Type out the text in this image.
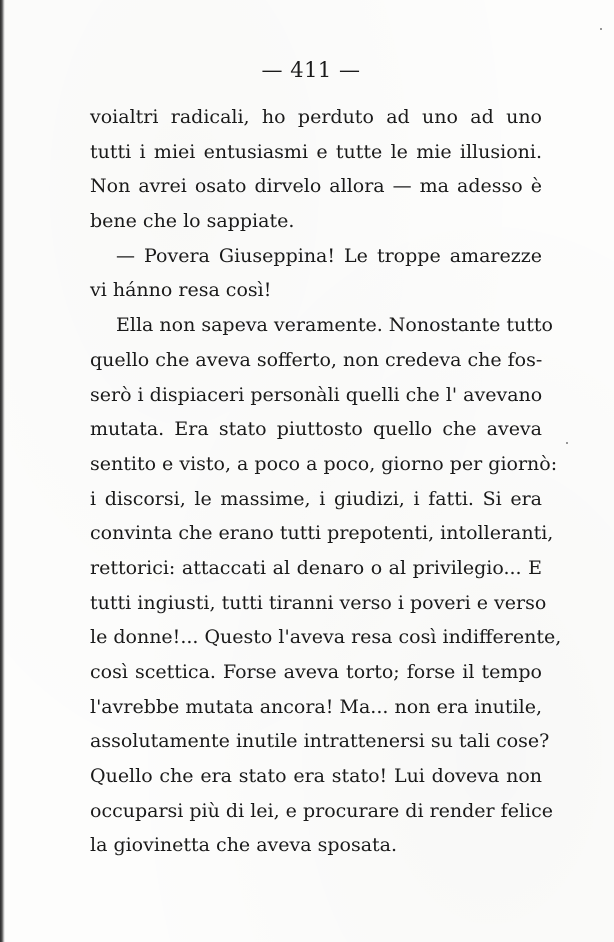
— 411 —
voialtri radicali, ho perduto ad uno ad uno
tutti i miei entusiasmi e tutte le mie illusioni.
Non avrei osato dirvelo allora — ma adesso è
bene che lo sappiate.
— Povera Giuseppina! Le troppe amarezze
vi hánno resa così!
Ella non sapeva veramente. Nonostante tutto
quello che aveva sofferto, non credeva che fos-
serò i dispiaceri personàli quelli che l' avevano
mutata. Era stato piuttosto quello che aveva
sentito e visto, a poco a poco, giorno per giornò:
i discorsi, le massime, i giudizi, i fatti. Si era
convinta che erano tutti prepotenti, intolleranti,
rettorici: attaccati al denaro o al privilegio... E
tutti ingiusti, tutti tiranni verso i poveri e verso
le donne!... Questo l'aveva resa così indifferente,
così scettica. Forse aveva torto; forse il tempo
l'avrebbe mutata ancora! Ma... non era inutile,
assolutamente inutile intrattenersi su tali cose?
Quello che era stato era stato! Lui doveva non
occuparsi più di lei, e procurare di render felice
la giovinetta che aveva sposata.
